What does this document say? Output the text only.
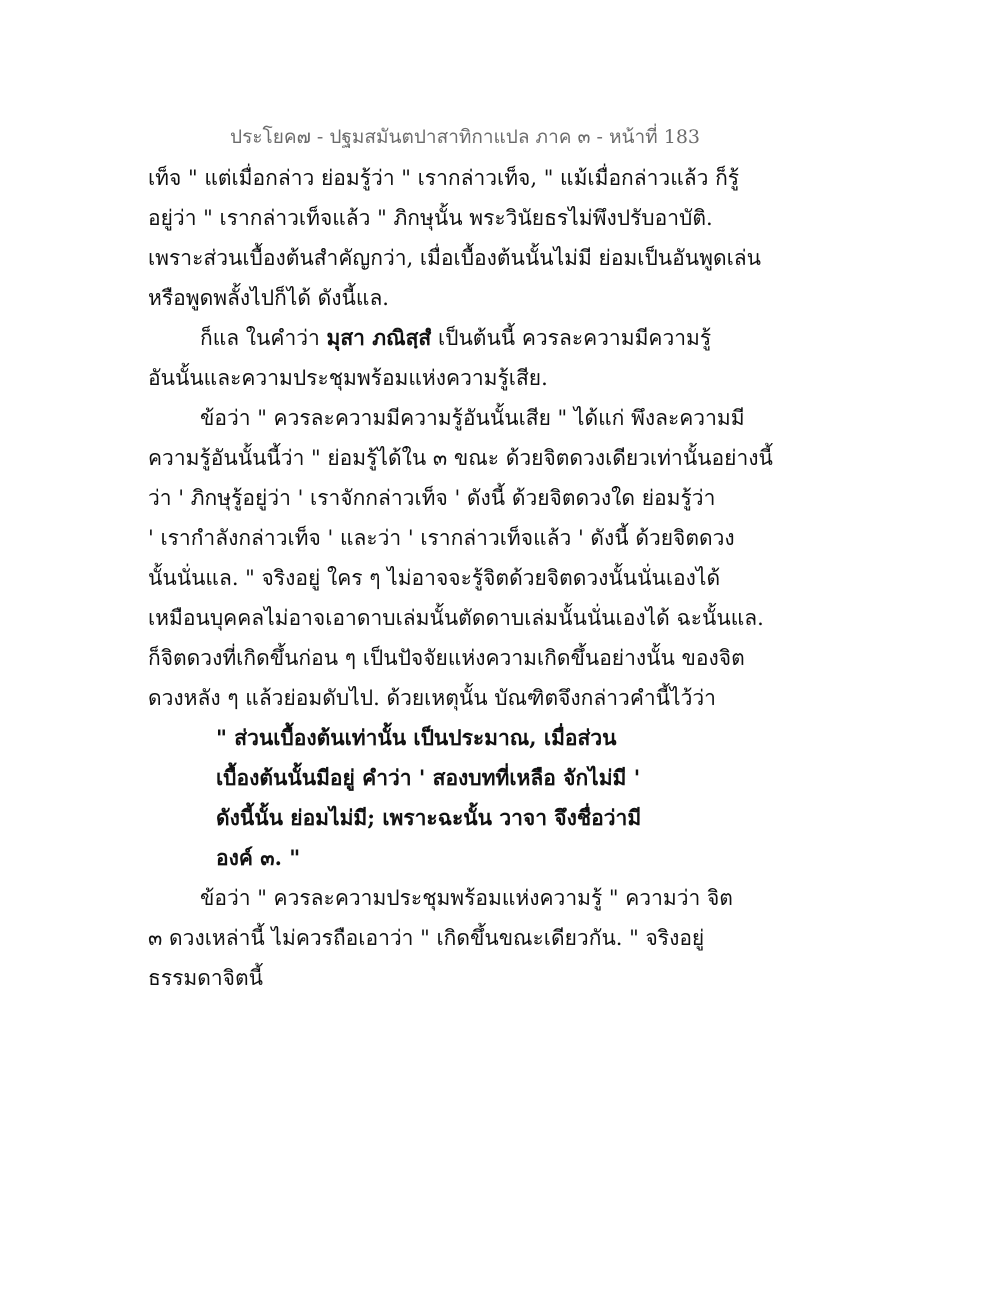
ประโยค๗ - ปฐมสมันตปาสาทิกาแปล ภาค ๓ - หน้าที่ 183
เท็จ " แต่เมื่อกล่าว ย่อมรู้ว่า " เรากล่าวเท็จ, " แม้เมื่อกล่าวแล้ว ก็รู้
อยู่ว่า " เรากล่าวเท็จแล้ว " ภิกษุนั้น พระวินัยธรไม่พึงปรับอาบัติ.
เพราะส่วนเบื้องต้นสำคัญกว่า, เมื่อเบื้องต้นนั้นไม่มี ย่อมเป็นอันพูดเล่น
หรือพูดพลั้งไปก็ได้ ดังนี้แล.
ก็แล ในคำว่า มุสา ภณิสฺสํ เป็นต้นนี้ ควรละความมีความรู้
อันนั้นและความประชุมพร้อมแห่งความรู้เสีย.
ข้อว่า " ควรละความมีความรู้อันนั้นเสีย " ได้แก่ พึงละความมี
ความรู้อันนั้นนี้ว่า " ย่อมรู้ได้ใน ๓ ขณะ ด้วยจิตดวงเดียวเท่านั้นอย่างนี้
ว่า ' ภิกษุรู้อยู่ว่า ' เราจักกล่าวเท็จ ' ดังนี้ ด้วยจิตดวงใด ย่อมรู้ว่า
' เรากำลังกล่าวเท็จ ' และว่า ' เรากล่าวเท็จแล้ว ' ดังนี้ ด้วยจิตดวง
นั้นนั่นแล. " จริงอยู่ ใคร ๆ ไม่อาจจะรู้จิตด้วยจิตดวงนั้นนั่นเองได้
เหมือนบุคคลไม่อาจเอาดาบเล่มนั้นตัดดาบเล่มนั้นนั่นเองได้ ฉะนั้นแล.
ก็จิตดวงที่เกิดขึ้นก่อน ๆ เป็นปัจจัยแห่งความเกิดขึ้นอย่างนั้น ของจิต
ดวงหลัง ๆ แล้วย่อมดับไป. ด้วยเหตุนั้น บัณฑิตจึงกล่าวคำนี้ไว้ว่า
" ส่วนเบื้องต้นเท่านั้น เป็นประมาณ, เมื่อส่วน
เบื้องต้นนั้นมีอยู่ คำว่า ' สองบทที่เหลือ จักไม่มี '
ดังนี้นั้น ย่อมไม่มี; เพราะฉะนั้น วาจา จึงชื่อว่ามี
องค์ ๓. "
ข้อว่า " ควรละความประชุมพร้อมแห่งความรู้ " ความว่า จิต
๓ ดวงเหล่านี้ ไม่ควรถือเอาว่า " เกิดขึ้นขณะเดียวกัน. " จริงอยู่
ธรรมดาจิตนี้
